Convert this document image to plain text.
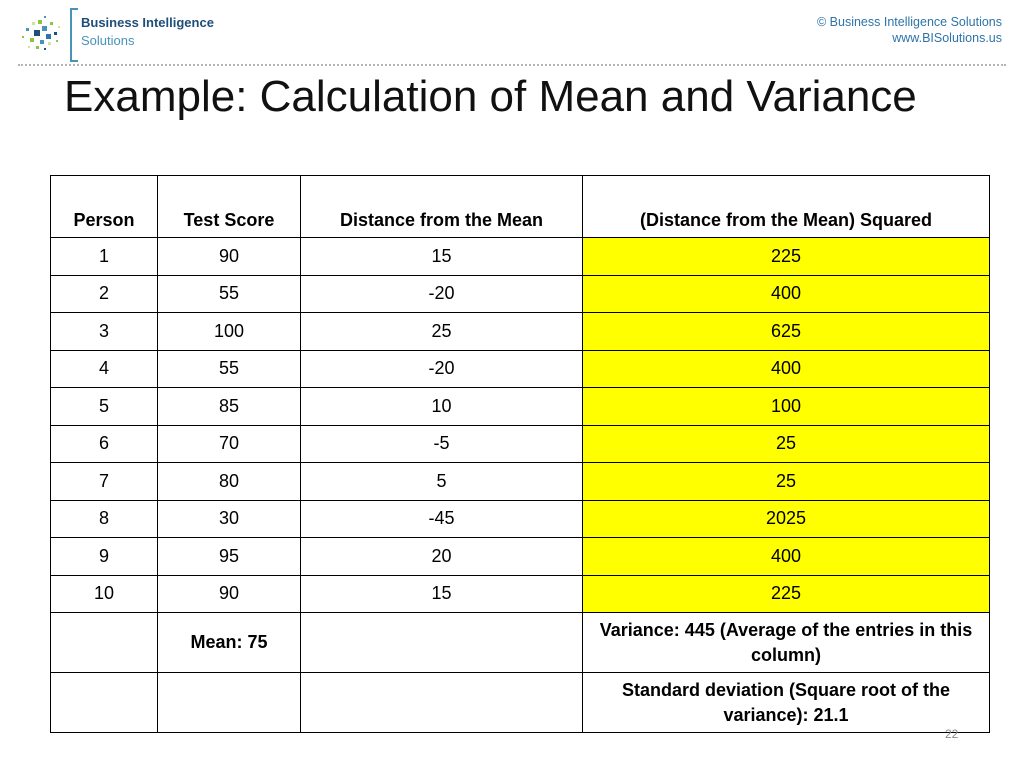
Business Intelligence
Solutions
© Business Intelligence Solutions
www.BISolutions.us
Example: Calculation of Mean and Variance
Person	Test Score	Distance from the Mean	(Distance from the Mean) Squared
1	90	15	225
2	55	-20	400
3	100	25	625
4	55	-20	400
5	85	10	100
6	70	-5	25
7	80	5	25
8	30	-45	2025
9	95	20	400
10	90	15	225
	Mean: 75		Variance: 445 (Average of the entries in this column)
			Standard deviation (Square root of the variance): 21.1
22
